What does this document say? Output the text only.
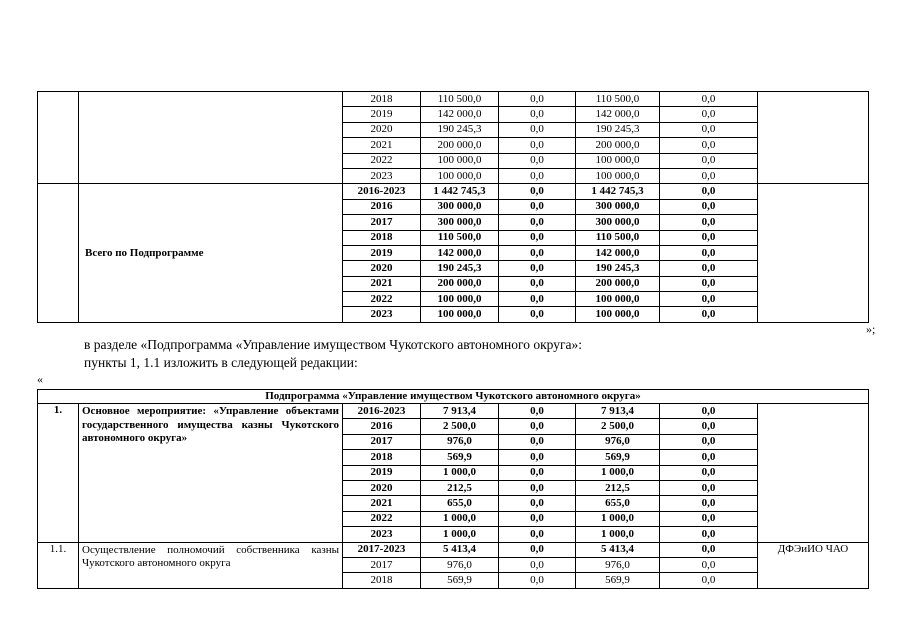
		2018	110 500,0	0,0	110 500,0	0,0	
		2019	142 000,0	0,0	142 000,0	0,0	
		2020	190 245,3	0,0	190 245,3	0,0	
		2021	200 000,0	0,0	200 000,0	0,0	
		2022	100 000,0	0,0	100 000,0	0,0	
		2023	100 000,0	0,0	100 000,0	0,0	
	Всего по Подпрограмме	2016-2023	1 442 745,3	0,0	1 442 745,3	0,0	
		2016	300 000,0	0,0	300 000,0	0,0	
		2017	300 000,0	0,0	300 000,0	0,0	
		2018	110 500,0	0,0	110 500,0	0,0	
		2019	142 000,0	0,0	142 000,0	0,0	
		2020	190 245,3	0,0	190 245,3	0,0	
		2021	200 000,0	0,0	200 000,0	0,0	
		2022	100 000,0	0,0	100 000,0	0,0	
		2023	100 000,0	0,0	100 000,0	0,0	
»;
в разделе «Подпрограмма «Управление имуществом Чукотского автономного округа»:
пункты 1, 1.1 изложить в следующей редакции:
«
Подпрограмма «Управление имуществом Чукотского автономного округа»							
1.	Основное мероприятие: «Управление объектами государственного имущества казны Чукотского автономного округа»	2016-2023	7 913,4	0,0	7 913,4	0,0	
		2016	2 500,0	0,0	2 500,0	0,0	
		2017	976,0	0,0	976,0	0,0	
		2018	569,9	0,0	569,9	0,0	
		2019	1 000,0	0,0	1 000,0	0,0	
		2020	212,5	0,0	212,5	0,0	
		2021	655,0	0,0	655,0	0,0	
		2022	1 000,0	0,0	1 000,0	0,0	
		2023	1 000,0	0,0	1 000,0	0,0	
1.1.	Осуществление полномочий собственника казны Чукотского автономного округа	2017-2023	5 413,4	0,0	5 413,4	0,0	ДФЭиИО ЧАО
		2017	976,0	0,0	976,0	0,0	
		2018	569,9	0,0	569,9	0,0	
